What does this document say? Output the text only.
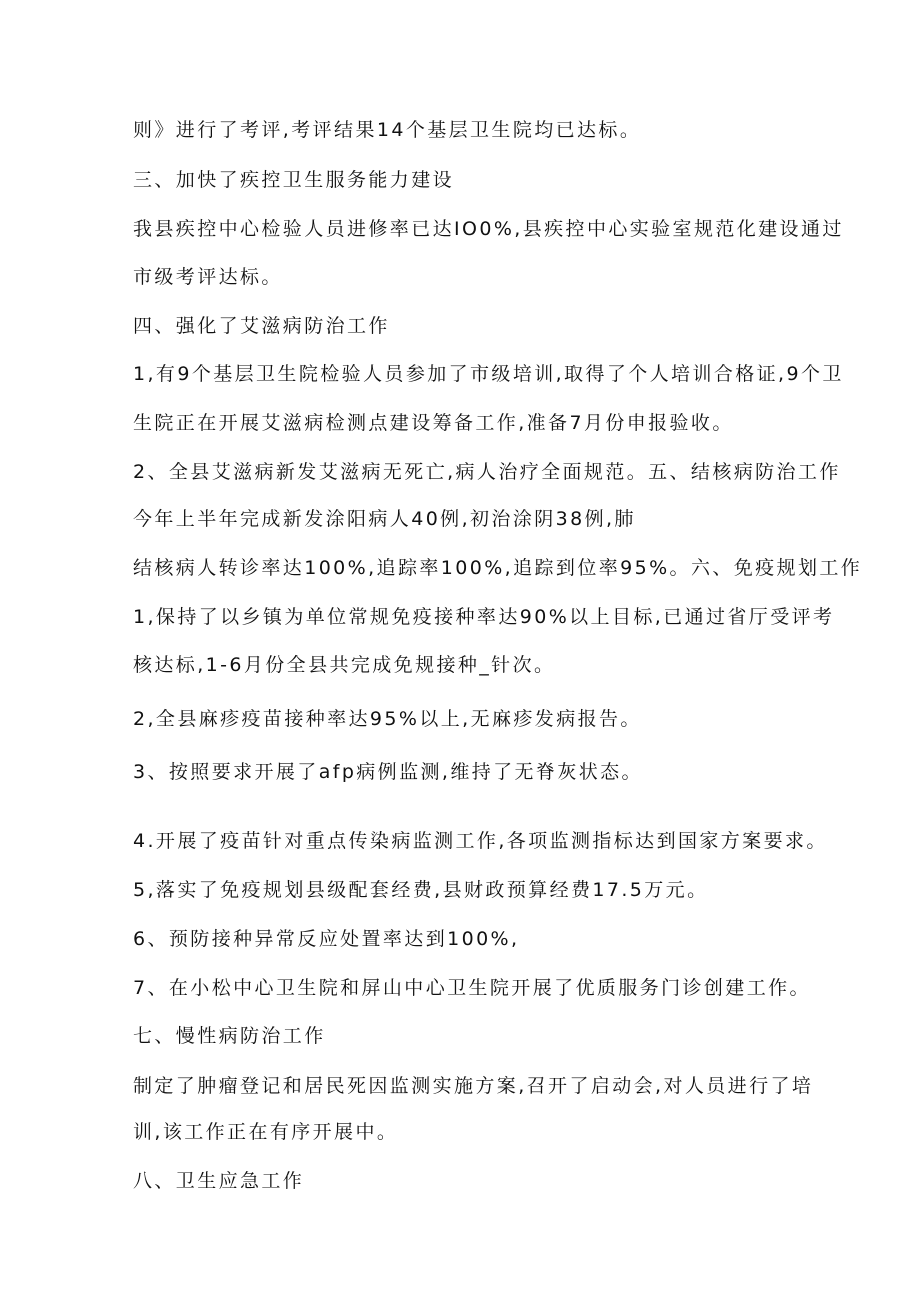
则》进行了考评,考评结果14个基层卫生院均已达标。
三、加快了疾控卫生服务能力建设
我县疾控中心检验人员进修率已达IO0%,县疾控中心实验室规范化建设通过
市级考评达标。
四、强化了艾滋病防治工作
1,有9个基层卫生院检验人员参加了市级培训,取得了个人培训合格证,9个卫
生院正在开展艾滋病检测点建设筹备工作,准备7月份申报验收。
2、全县艾滋病新发艾滋病无死亡,病人治疗全面规范。五、结核病防治工作
今年上半年完成新发涂阳病人40例,初治涂阴38例,肺
结核病人转诊率达100%,追踪率100%,追踪到位率95%。六、免疫规划工作
1,保持了以乡镇为单位常规免疫接种率达90%以上目标,已通过省厅受评考
核达标,1-6月份全县共完成免规接种_针次。
2,全县麻疹疫苗接种率达95%以上,无麻疹发病报告。
3、按照要求开展了afp病例监测,维持了无脊灰状态。
4.开展了疫苗针对重点传染病监测工作,各项监测指标达到国家方案要求。
5,落实了免疫规划县级配套经费,县财政预算经费17.5万元。
6、预防接种异常反应处置率达到100%,
7、在小松中心卫生院和屏山中心卫生院开展了优质服务门诊创建工作。
七、慢性病防治工作
制定了肿瘤登记和居民死因监测实施方案,召开了启动会,对人员进行了培
训,该工作正在有序开展中。
八、卫生应急工作
